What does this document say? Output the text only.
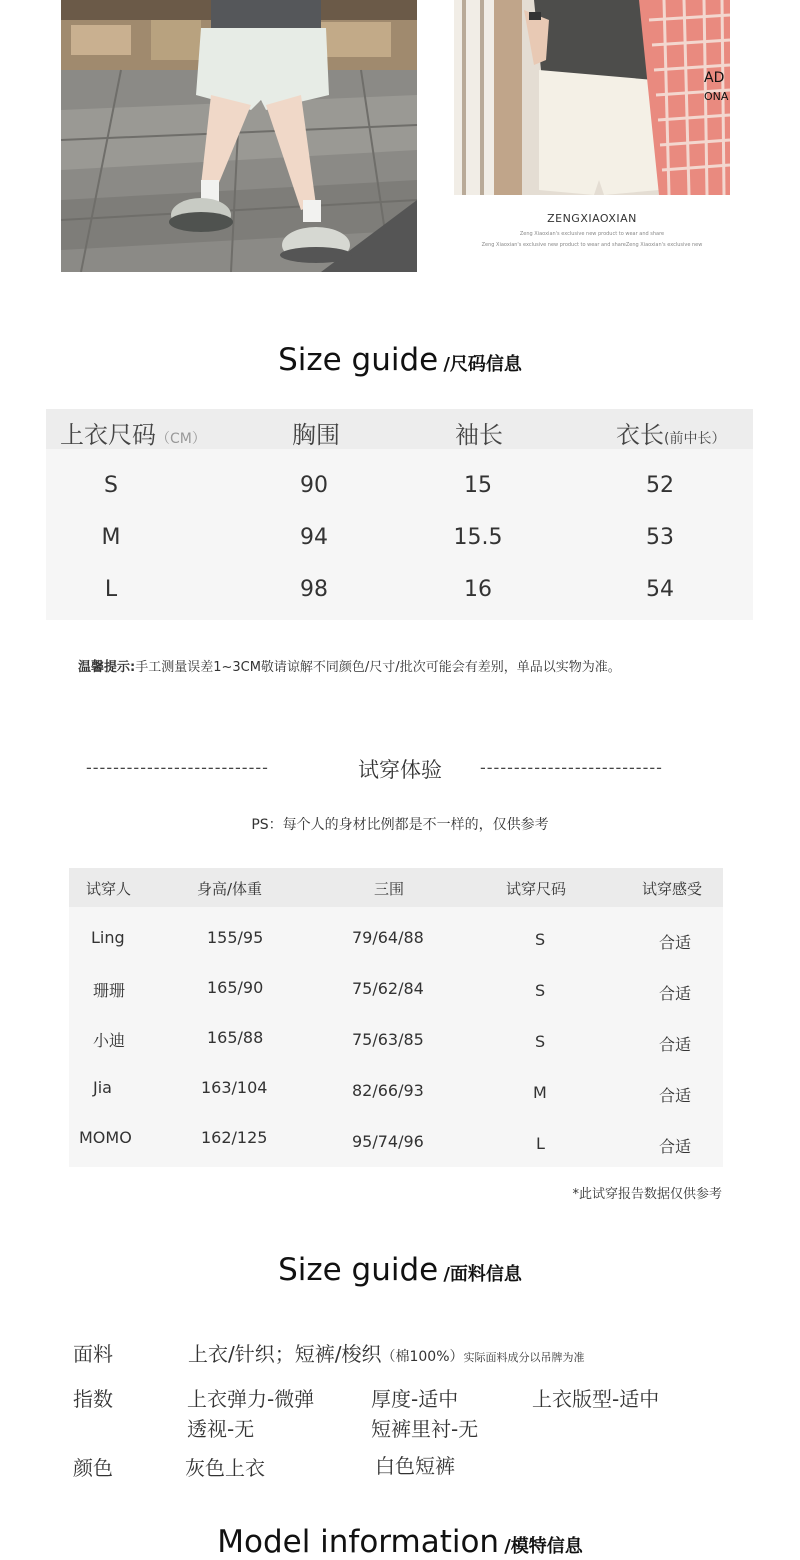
AD
ONA
ZENGXIAOXIAN
Zeng Xiaoxian's exclusive new product to wear and share
Zeng Xiaoxian's exclusive new product to wear and shareZeng Xiaoxian's exclusive new
Size guide /尺码信息
上衣尺码（CM）	胸围	袖长	衣长(前中长）
S	90	15	52
M	94	15.5	53
L	98	16	54
温馨提示:手工测量误差1~3CM敬请谅解不同颜色/尺寸/批次可能会有差别，单品以实物为准。
---------------------------	试穿体验	---------------------------
PS：每个人的身材比例都是不一样的，仅供参考
试穿人	身高/体重	三围	试穿尺码	试穿感受
Ling	155/95	79/64/88	S	合适
珊珊	165/90	75/62/84	S	合适
小迪	165/88	75/63/85	S	合适
Jia	163/104	82/66/93	M	合适
MOMO	162/125	95/74/96	L	合适
*此试穿报告数据仅供参考
Size guide /面料信息
面料	上衣/针织；短裤/梭织（棉100%）实际面料成分以吊牌为准
指数	上衣弹力-微弹	厚度-适中	上衣版型-适中
透视-无	短裤里衬-无
颜色	灰色上衣	白色短裤
Model information /模特信息
